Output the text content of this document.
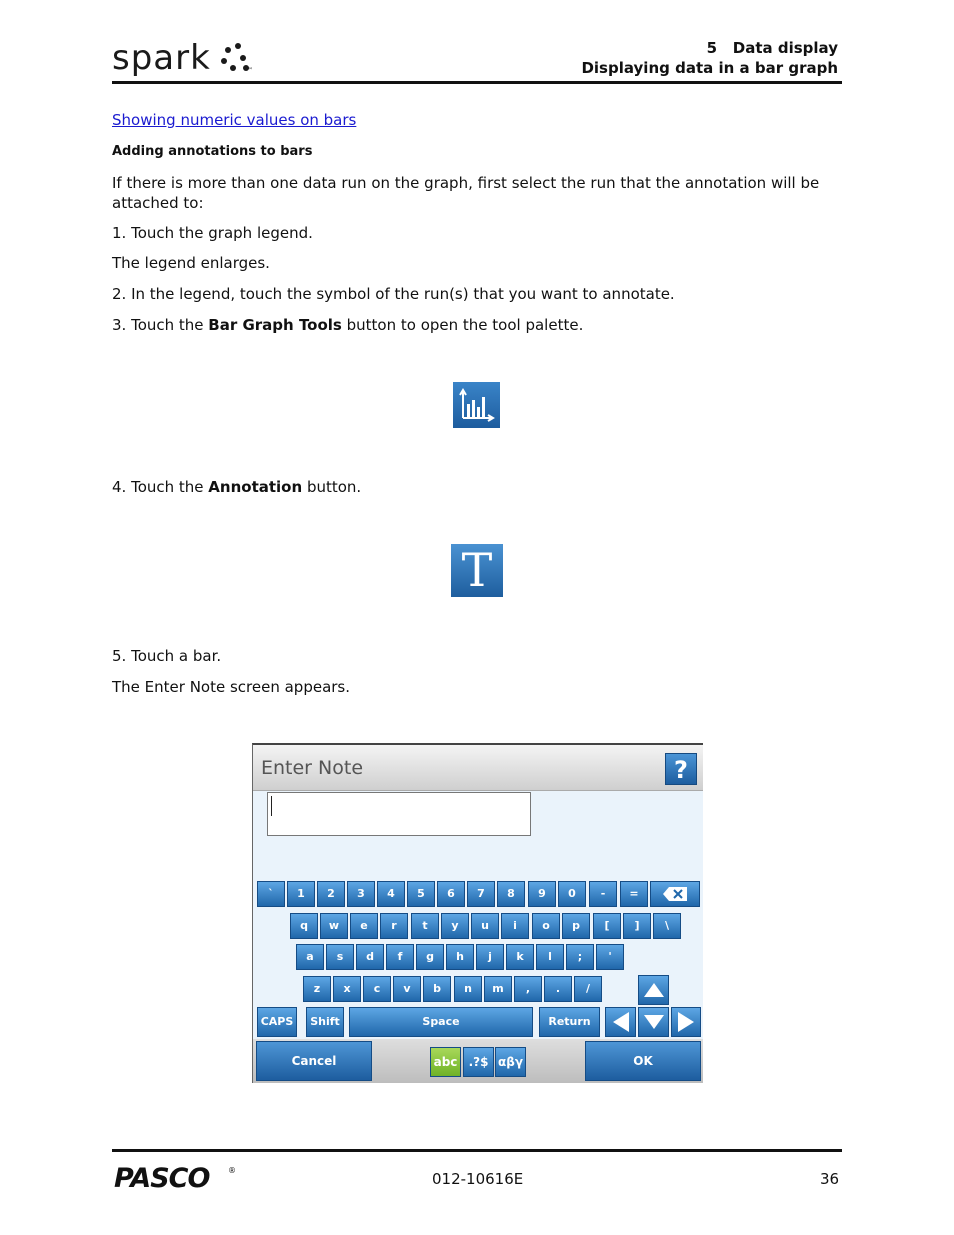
spark	™
5   Data display
Displaying data in a bar graph
Showing numeric values on bars
Adding annotations to bars
If there is more than one data run on the graph, first select the run that the annotation will be attached to:
1. Touch the graph legend.
The legend enlarges.
2. In the legend, touch the symbol of the run(s) that you want to annotate.
3. Touch the Bar Graph Tools button to open the tool palette.
4. Touch the Annotation button.
T
5. Touch a bar.
The Enter Note screen appears.
Enter Note	?
`	1	2	3	4	5	6	7	8	9	0	-	=
q	w	e	r	t	y	u	i	o	p	[	]	\
a	s	d	f	g	h	j	k	l	;	'
z	x	c	v	b	n	m	,	.	/
CAPS	Shift	Space	Return
Cancel	abc .?$ αβγ	OK
PASCO ®	012-10616E	36
